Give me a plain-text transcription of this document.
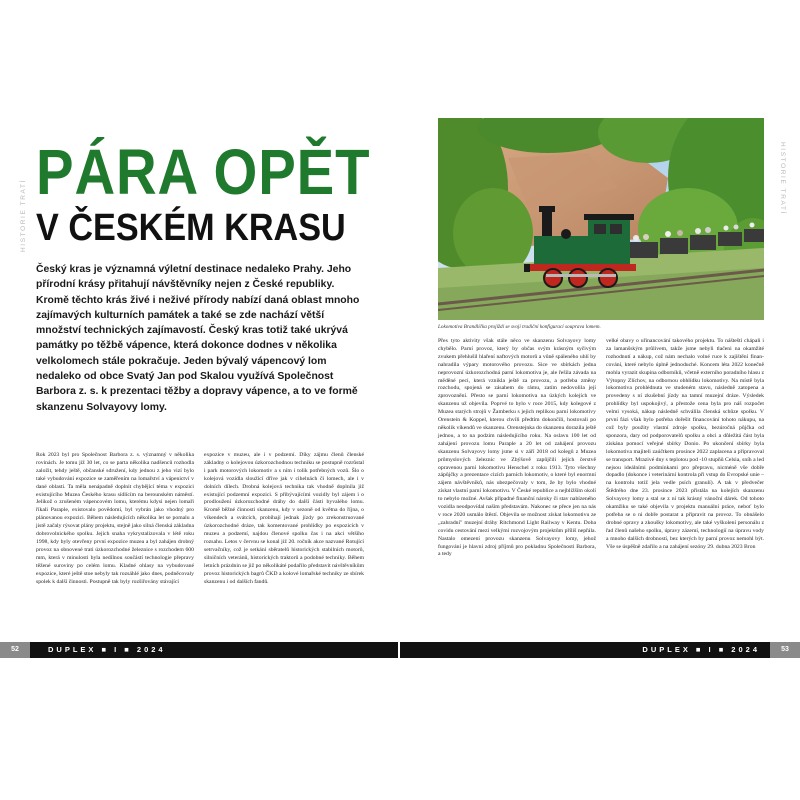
HISTORIE TRATÍ
PÁRA OPĚT
V ČESKÉM KRASU

Český kras je významná výletní destinace nedaleko Prahy. Jeho přírodní krásy přitahují návštěvníky nejen z České republiky. Kromě těchto krás živé i neživé přírody nabízí daná oblast mnoho zajímavých kulturních památek a také se zde nachází větší množství technických zajímavostí. Český kras totiž také ukrývá památky po těžbě vápence, která dokonce dodnes v několika velkolomech stále pokračuje. Jeden bývalý vápencový lom nedaleko od obce Svatý Jan pod Skalou využívá Společnost Barbora z. s. k prezentaci těžby a dopravy vápence, a to ve formě skanzenu Solvayovy lomy.

Rok 2023 byl pro Společnost Barbora z. s. významný v několika rovinách. Je tomu již 30 let, co se parta několika nadšenců rozhodla založit, tehdy ještě, občanské sdružení, kdy jednou z jeho vizí bylo také vybudování expozice se zaměřením na lomařství a vápenictví v dané oblasti. Ta měla nenápadně doplnit chybějící téma v expozici existujícího Muzea Českého krasu sídlícím na berounském náměstí. Jelikož o zrušeném vápencovém lomu, kterému kdysi nejen lomaři říkali Paraple, existovalo povědomí, byl vybrán jako vhodný pro plánovanou expozici. Během následujících několika let se pomalu a jistě začaly rýsovat plány projektu, stejně jako silná členská základna dobrovolnického spolku. Jejich snaha vykrystalizovala v létě roku 1998, kdy byly otevřeny první expozice muzea a byl zahájen drobný provoz na obnovené trati úzkorozchodné železnice s rozchodem 600 mm, která v minulosti byla nedílnou součástí technologie přepravy těžené suroviny po celém lomu. Kladné ohlasy na vybudované expozice, které ještě stoe nebyly tak rozsáhlé jako dnes, podněcovaly spolek k další činnosti. Postupně tak byly rozšiřovány stávající

expozice v muzeu, ale i v podzemí. Díky zájmu členů členské základny o kolejovou úzkorozchodnou techniku se postupně rozrůstal i park motorových lokomotiv a s ním i tolik potřebných vozů. Šlo o kolejová vozidla sloužící dříve jak v cihelnách či lomech, ale i v dolních dílech. Drobná kolejová technika tak vhodně doplnila již existující podzemní expozici. S přibývajícími vozidly byl zájem i o prodloužení úzkorozchodné dráhy do další části byvalého lomu. Kromě běžné činnosti skanzenu, kdy v sezoně od května do října, o víkendech a svátcích, probíhají jednak jízdy po zrekonstruované úzkorozchodné dráze, tak komentované prohlídky po expozicích v muzeu a podzemí, najdou členové spolku čas i na akci většího rozsahu. Letos v červnu se konal již 20. ročník akce nazvané Rotující setrvačníky, což je setkání sběratelů historických stabilních motorů, silničních veteránů, historických traktorů a podobné techniky. Během letních prázdnin se již po několikáté podařilo představit návštěvníkům provoz historických bagrů ČKD a kolové lomařské techniky ze sbírek skanzenu i od dalších fandů.

52	DUPLEX ■ I ■ 2024
HISTORIE TRATÍ

Lokomotiva Brandlička projíždí se svojí tradiční konfigurací souprava lomem.

Přes tyto aktivity však stále něco ve skanzenu Solvayovy lomy chybělo. Parní provoz, který by občas svým krásným syčivým zvukem přehlušil hlaření naftových motorů a vůně spáleného uhlí by nahradila výpary motorového provozu. Sice ve sbírkách jedna neprovozní úzkorozchodná parní lokomotiva je, ale řešila závada na měděné peci, která vznikla ještě za provozu, a potřeba změny rozchodu, spojená se zásahem do rámu, zatím nedovolila její zprovoznění. Přesto se parní lokomotiva na úzkých kolejích ve skanzenu už objevila. Poprvé to bylo v roce 2015, kdy kolegové z Muzea starých strojů v Žamberku s jejich replikou parní lokomotivy Orenstein & Koppel, kterou chvíli předtím dokončili, hostovali po několik víkendů ve skanzenu. Orenstejnka do skanzenu dorazila ještě jednou, a to na podzim následujícího roku. Na oslavu 100 let od zahájení provozu lomu Paraple a 20 let od zahájení provozu skanzenu Solvayovy lomy jsme si v září 2018 od kolegů z Muzea průmyslových železnic ve Zbýšově zapůjčili jejich čerstvě opravenou parní lokomotivu Henschel z roku 1913. Tyto všechny zápůjčky a prezentace cizích parních lokomotiv, o které byl enormní zájem návštěvníků, nás ubezpečovaly v tom, že by bylo vhodné získat vlastní parní lokomotivu. V České republice a nejbližším okolí to nebylo možné. Avšak připadné finanční nároky či stav nabízeného vozidla neodpovídal našim představám. Nakonec se přece jen na nás v roce 2020 usmálo štěstí. Objevila se možnost získat lokomotivu ze „zahradní" muzejní dráhy Ritchmond Light Railway v Kentu. Doba covidu cestování mezi velkými rozvojovým projektům příliš nepřála. Nastalo omezení provozu skanzenu Solvayovy lomy, jehož fungování je hlavní zdroj příjmů pro pokladnu Společnosti Barbora, a tedy

velké obavy o uřinancování takového projektu. To nášteští chápali i za lamanšským průlivem, takže jsme nebyli tlačeni na okamžité rozhodnutí a nákup, což nám nechalo volné ruce k zajištění financování, které nebylo úplně jednoduché. Koncem léta 2022 konečně mohla vyrazit skupina odborníků, včetně externího poradního hlasu z Výtopny Zlíchov, na odbornou obhlídku lokomotivy. Na místě byla lokomotiva prohlédnuta ve studeném stavu, následně zatopena a provedeny s ní zkušební jízdy na tamní muzejní dráze. Výsledek prohlídky byl uspokojivý, a přestože cena byla pro náš rozpočet velmi vysoká, nákup následně schválila členská schůze spolku. V první fázi však bylo potřeba dořešit financování tohoto nákupu, na což byly použity vlastní zdroje spolku, bezúročná půjčka od sponzora, dary od podporovatelů spolku a obci a důležitá část byla získána pomocí veřejné sbírky Donio. Po ukončení sbírky byla lokomotiva majiteli zaúčtkem prosince 2022 zaplacena a připravoval se transport. Mrazivé dny s teplotou pod -10 stupňů Celsia, sníh a led nejsou ideálními podmínkami pro přepravu, nicméně vše dobře dopadlo (dokonce i veterinární kontrola při vstup do Evropské unie – na kontrolu totiž jela vedle psích granulí). A tak v předvečer Štědrého dne 23. prosince 2023 přistála na kolejích skanzenu Solvayovy lomy a stal se z ní tak krásný vánoční dárek. Od tohoto okamžiku se také objevila v projektu manuální práce, neboť bylo potřeba se o ni dobře postarat a připravit na provoz. To obnášelo drobné opravy a zkoušky lokomotivy, ale také vyškolení personálu z řad členů našeho spolku, úpravy zázemí, technologií na úpravu vody a mnoho dalších drobností, bez kterých by parní provoz nemohl být. Vše se úspěšně zdařilo a na zahájení sezóny 29. dubna 2023 Bron

DUPLEX ■ I ■ 2024	53
